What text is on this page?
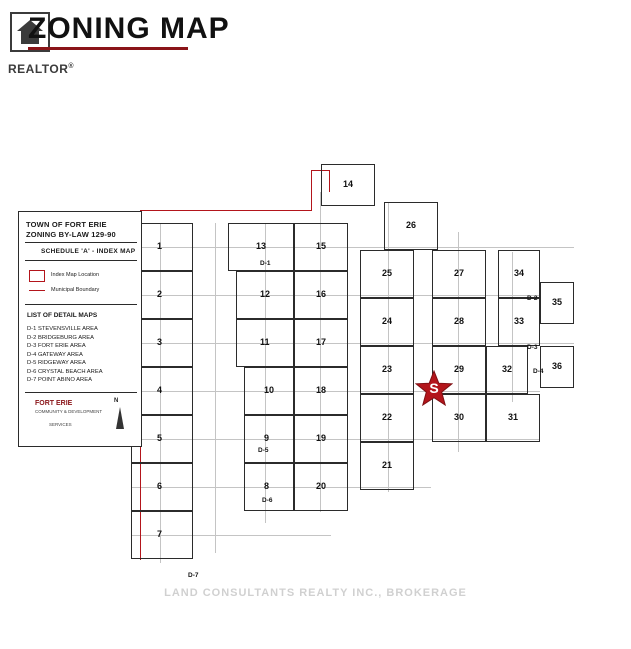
REALTOR®
ZONING MAP
1
2
3
4
5
6
7
8
9
10
11
12
13
14
15
16
17
18
19
20
21
22
23
24
25
26
27
28
29
30	31
32
33
34
35
36
D-1
D-2
D-3
D-4
D-5
D-6
D-7
S
TOWN OF FORT ERIE
ZONING BY-LAW 129-90
SCHEDULE 'A' - INDEX MAP
Index Map Location
Municipal Boundary
LIST OF DETAIL MAPS
D-1 STEVENSVILLE AREA
D-2 BRIDGEBURG AREA
D-3 FORT ERIE AREA
D-4 GATEWAY AREA
D-5 RIDGEWAY AREA
D-6 CRYSTAL BEACH AREA
D-7 POINT ABINO AREA
FORT ERIE
COMMUNITY & DEVELOPMENT
SERVICES
N
LAND CONSULTANTS REALTY INC., BROKERAGE
